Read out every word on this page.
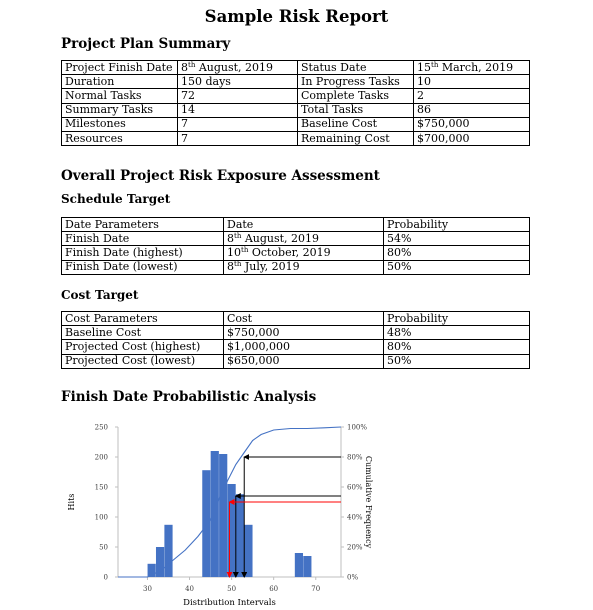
Sample Risk Report
Project Plan Summary
Project Finish Date	8th August, 2019	Status Date	15th March, 2019
Duration	150 days	In Progress Tasks	10
Normal Tasks	72	Complete Tasks	2
Summary Tasks	14	Total Tasks	86
Milestones	7	Baseline Cost	$750,000
Resources	7	Remaining Cost	$700,000
Overall Project Risk Exposure Assessment
Schedule Target
Date Parameters	Date	Probability
Finish Date	8th August, 2019	54%
Finish Date (highest)	10th October, 2019	80%
Finish Date (lowest)	8th July, 2019	50%
Cost Target
Cost Parameters	Cost	Probability
Baseline Cost	$750,000	48%
Projected Cost (highest)	$1,000,000	80%
Projected Cost (lowest)	$650,000	50%
Finish Date Probabilistic Analysis
0
50
100
150
200
250
0%
20%
40%
60%
80%
100%
30	40	50	60	70
Hits	Cumulative Frequency
Distribution Intervals
